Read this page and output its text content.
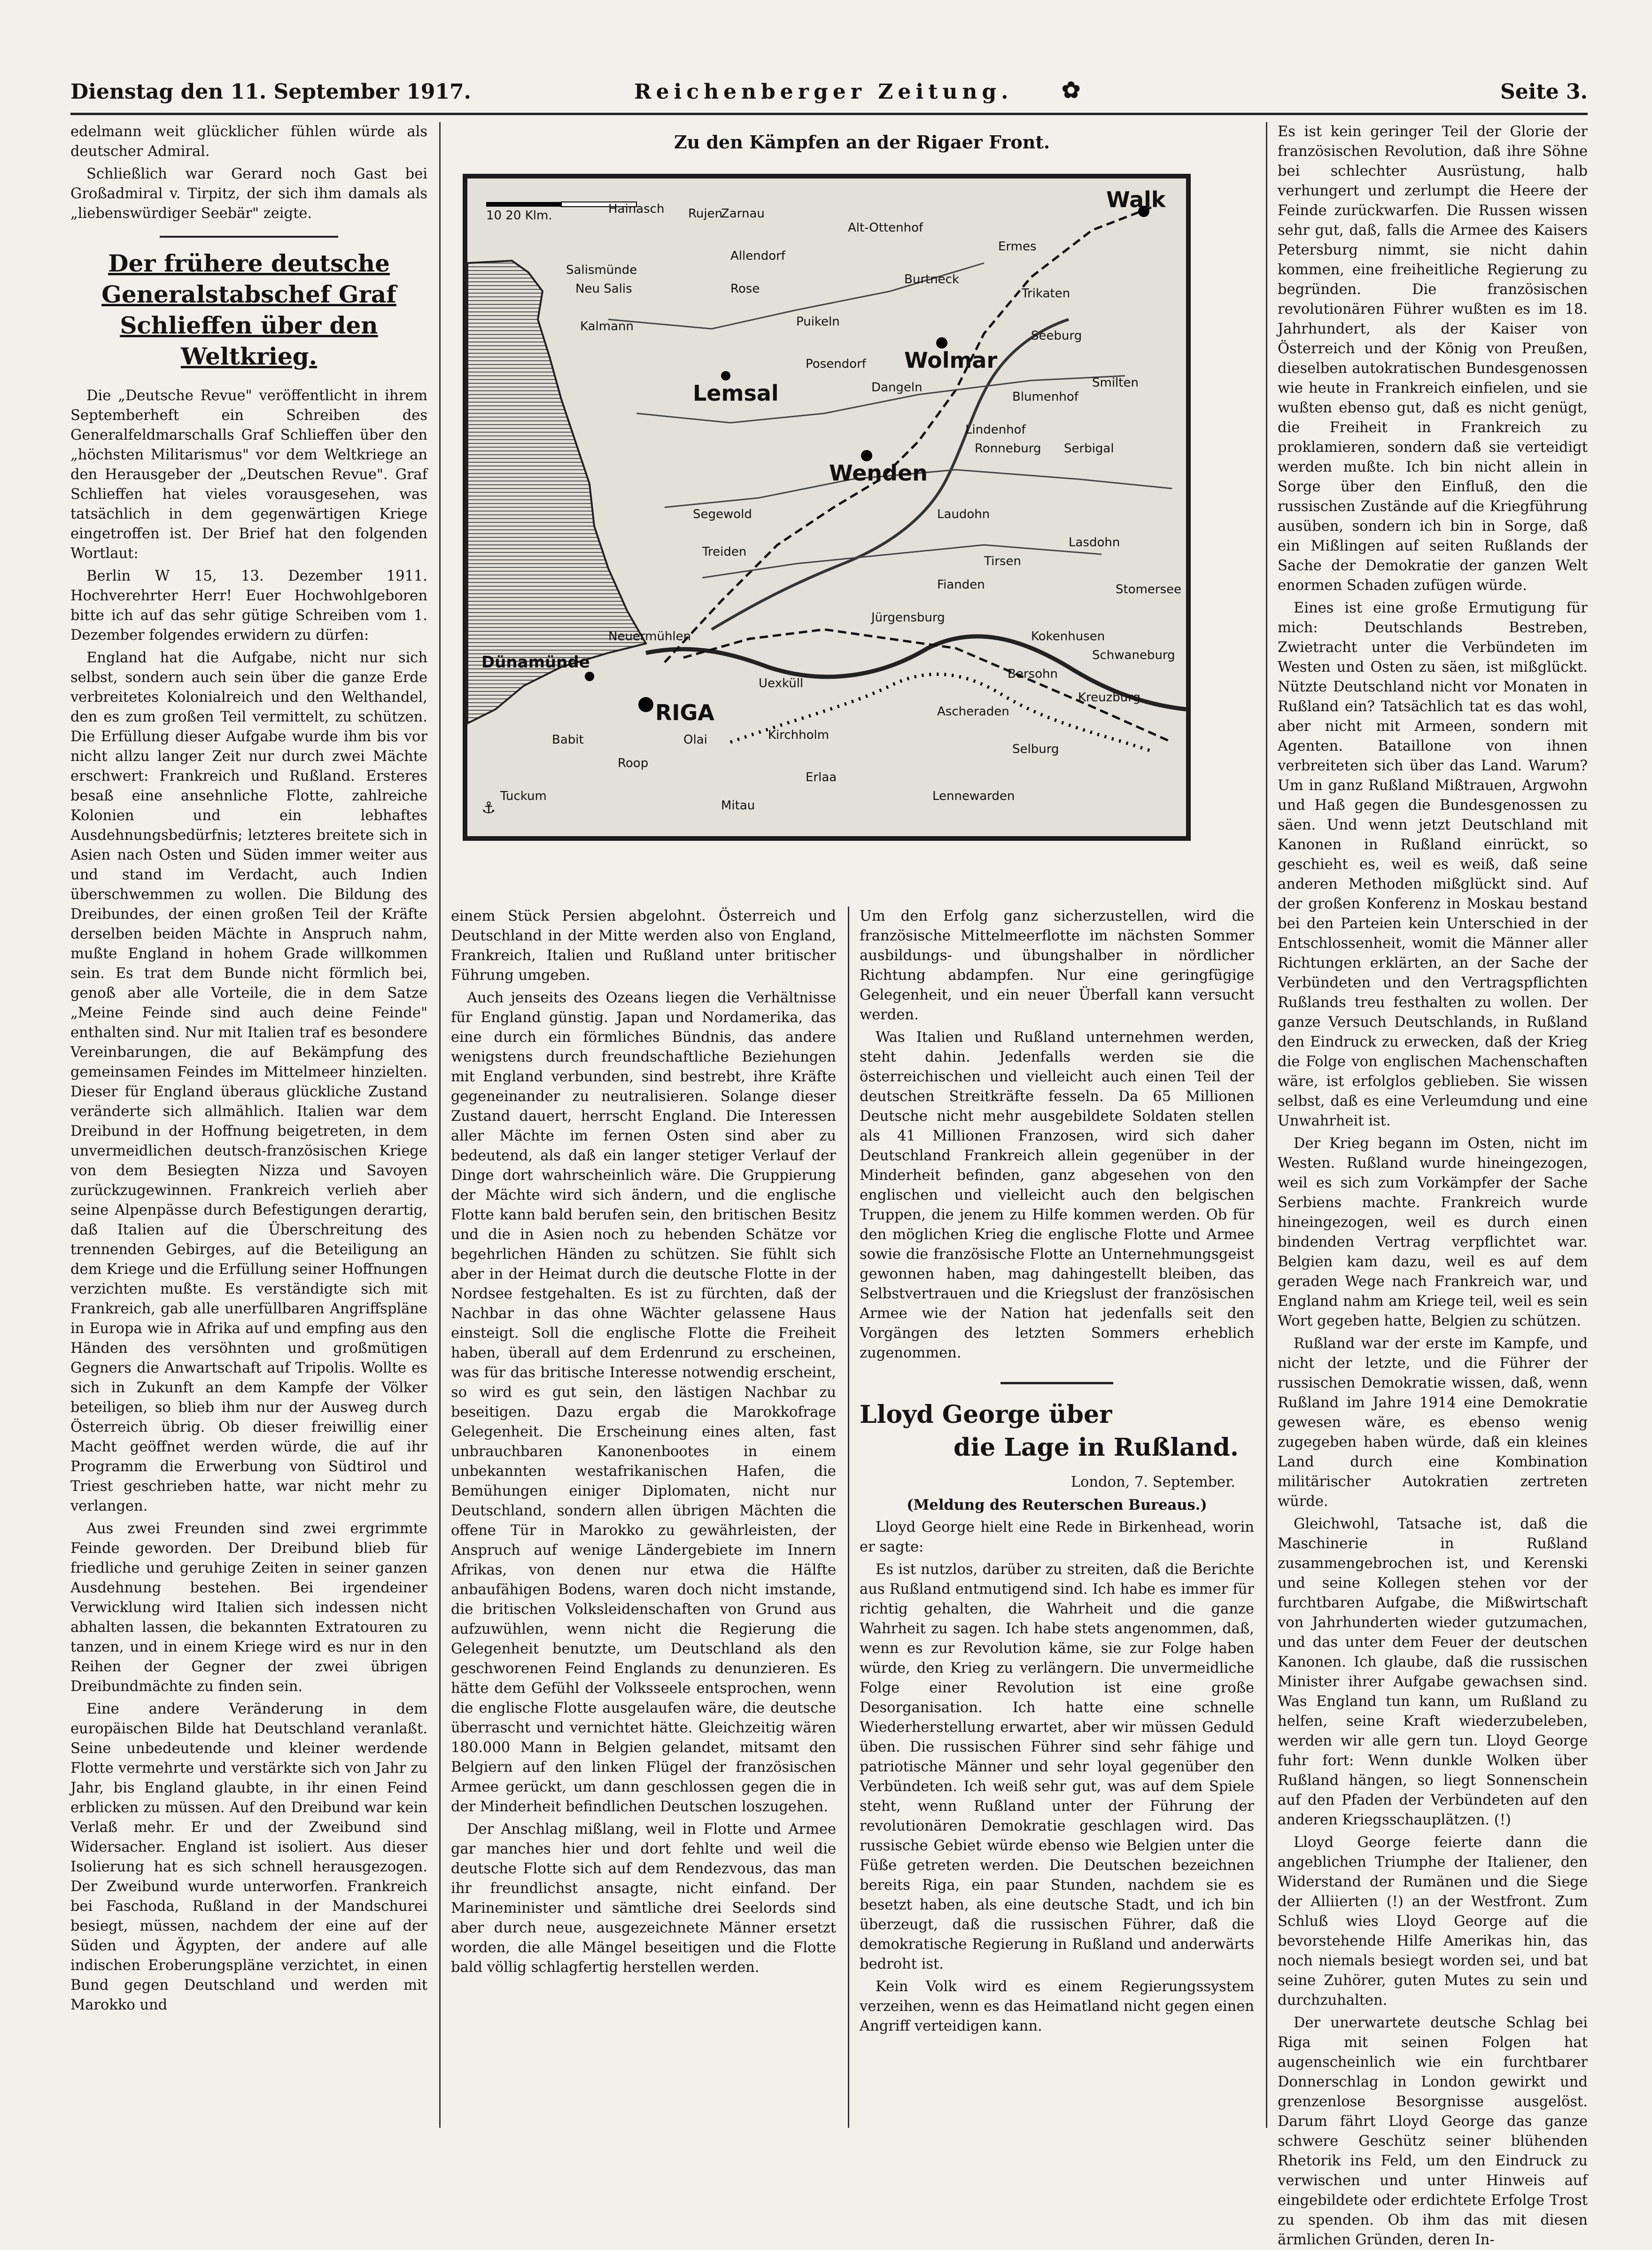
Dienstag den 11. September 1917.	Reichenberger Zeitung. ✿	Seite 3.

edelmann weit glücklicher fühlen würde als deutscher Admiral.

Schließlich war Gerard noch Gast bei Großadmiral v. Tirpitz, der sich ihm damals als „liebenswürdiger Seebär" zeigte.

Der frühere deutsche Generalstabschef Graf Schlieffen über den Weltkrieg.

Die „Deutsche Revue" veröffentlicht in ihrem Septemberheft ein Schreiben des Generalfeldmarschalls Graf Schlieffen über den „höchsten Militarismus" vor dem Weltkriege an den Herausgeber der „Deutschen Revue". Graf Schlieffen hat vieles vorausgesehen, was tatsächlich in dem gegenwärtigen Kriege eingetroffen ist. Der Brief hat den folgenden Wortlaut:

Berlin W 15, 13. Dezember 1911. Hochverehrter Herr! Euer Hochwohlgeboren bitte ich auf das sehr gütige Schreiben vom 1. Dezember folgendes erwidern zu dürfen:

England hat die Aufgabe, nicht nur sich selbst, sondern auch sein über die ganze Erde verbreitetes Kolonialreich und den Welthandel, den es zum großen Teil vermittelt, zu schützen. Die Erfüllung dieser Aufgabe wurde ihm bis vor nicht allzu langer Zeit nur durch zwei Mächte erschwert: Frankreich und Rußland. Ersteres besaß eine ansehnliche Flotte, zahlreiche Kolonien und ein lebhaftes Ausdehnungsbedürfnis; letzteres breitete sich in Asien nach Osten und Süden immer weiter aus und stand im Verdacht, auch Indien überschwemmen zu wollen. Die Bildung des Dreibundes, der einen großen Teil der Kräfte derselben beiden Mächte in Anspruch nahm, mußte England in hohem Grade willkommen sein. Es trat dem Bunde nicht förmlich bei, genoß aber alle Vorteile, die in dem Satze „Meine Feinde sind auch deine Feinde" enthalten sind. Nur mit Italien traf es besondere Vereinbarungen, die auf Bekämpfung des gemeinsamen Feindes im Mittelmeer hinzielten. Dieser für England überaus glückliche Zustand veränderte sich allmählich. Italien war dem Dreibund in der Hoffnung beigetreten, in dem unvermeidlichen deutsch-französischen Kriege von dem Besiegten Nizza und Savoyen zurückzugewinnen. Frankreich verlieh aber seine Alpenpässe durch Befestigungen derartig, daß Italien auf die Überschreitung des trennenden Gebirges, auf die Beteiligung an dem Kriege und die Erfüllung seiner Hoffnungen verzichten mußte. Es verständigte sich mit Frankreich, gab alle unerfüllbaren Angriffspläne in Europa wie in Afrika auf und empfing aus den Händen des versöhnten und großmütigen Gegners die Anwartschaft auf Tripolis. Wollte es sich in Zukunft an dem Kampfe der Völker beteiligen, so blieb ihm nur der Ausweg durch Österreich übrig. Ob dieser freiwillig einer Macht geöffnet werden würde, die auf ihr Programm die Erwerbung von Südtirol und Triest geschrieben hatte, war nicht mehr zu verlangen.

Aus zwei Freunden sind zwei ergrimmte Feinde geworden. Der Dreibund blieb für friedliche und geruhige Zeiten in seiner ganzen Ausdehnung bestehen. Bei irgendeiner Verwicklung wird Italien sich indessen nicht abhalten lassen, die bekannten Extratouren zu tanzen, und in einem Kriege wird es nur in den Reihen der Gegner der zwei übrigen Dreibundmächte zu finden sein.

Eine andere Veränderung in dem europäischen Bilde hat Deutschland veranlaßt. Seine unbedeutende und kleiner werdende Flotte vermehrte und verstärkte sich von Jahr zu Jahr, bis England glaubte, in ihr einen Feind erblicken zu müssen. Auf den Dreibund war kein Verlaß mehr. Er und der Zweibund sind Widersacher. England ist isoliert. Aus dieser Isolierung hat es sich schnell herausgezogen. Der Zweibund wurde unterworfen. Frankreich bei Faschoda, Rußland in der Mandschurei besiegt, müssen, nachdem der eine auf der Süden und Ägypten, der andere auf alle indischen Eroberungspläne verzichtet, in einen Bund gegen Deutschland und werden mit Marokko und

Zu den Kämpfen an der Rigaer Front.
10 20 Klm.
Walk
Wolmar
Lemsal
Wenden
Dünamünde
RIGA
Salismünde
Neu Salis
Kalmann
Hainasch	Zarnau
Allendorf
Alt-Ottenhof
Burtneck
Ermes
Seeburg
Rose
Puikeln
Posendorf
Dangeln	Smilten
Treiden
Segewold
Kokenhusen
Ronneburg
Jürgensburg
Lennewarden
Uexküll
Olai	Kirchholm
Babit
Neuermühlen
Lindenhof
Blumenhof
Roop
Trikaten
Serbigal
Bersohn
Erlaa
Laudohn
Lasdohn
Fianden
Tirsen
Stomersee
Schwaneburg
Ascheraden
Kreuzburg
Selburg
Mitau
Tuckum
Rujen
⚓

einem Stück Persien abgelohnt. Österreich und Deutschland in der Mitte werden also von England, Frankreich, Italien und Rußland unter britischer Führung umgeben.

Auch jenseits des Ozeans liegen die Verhältnisse für England günstig. Japan und Nordamerika, das eine durch ein förmliches Bündnis, das andere wenigstens durch freundschaftliche Beziehungen mit England verbunden, sind bestrebt, ihre Kräfte gegeneinander zu neutralisieren. Solange dieser Zustand dauert, herrscht England. Die Interessen aller Mächte im fernen Osten sind aber zu bedeutend, als daß ein langer stetiger Verlauf der Dinge dort wahrscheinlich wäre. Die Gruppierung der Mächte wird sich ändern, und die englische Flotte kann bald berufen sein, den britischen Besitz und die in Asien noch zu hebenden Schätze vor begehrlichen Händen zu schützen. Sie fühlt sich aber in der Heimat durch die deutsche Flotte in der Nordsee festgehalten. Es ist zu fürchten, daß der Nachbar in das ohne Wächter gelassene Haus einsteigt. Soll die englische Flotte die Freiheit haben, überall auf dem Erdenrund zu erscheinen, was für das britische Interesse notwendig erscheint, so wird es gut sein, den lästigen Nachbar zu beseitigen. Dazu ergab die Marokkofrage Gelegenheit. Die Erscheinung eines alten, fast unbrauchbaren Kanonenbootes in einem unbekannten westafrikanischen Hafen, die Bemühungen einiger Diplomaten, nicht nur Deutschland, sondern allen übrigen Mächten die offene Tür in Marokko zu gewährleisten, der Anspruch auf wenige Ländergebiete im Innern Afrikas, von denen nur etwa die Hälfte anbaufähigen Bodens, waren doch nicht imstande, die britischen Volksleidenschaften von Grund aus aufzuwühlen, wenn nicht die Regierung die Gelegenheit benutzte, um Deutschland als den geschworenen Feind Englands zu denunzieren. Es hätte dem Gefühl der Volksseele entsprochen, wenn die englische Flotte ausgelaufen wäre, die deutsche überrascht und vernichtet hätte. Gleichzeitig wären 180.000 Mann in Belgien gelandet, mitsamt den Belgiern auf den linken Flügel der französischen Armee gerückt, um dann geschlossen gegen die in der Minderheit befindlichen Deutschen loszugehen.

Der Anschlag mißlang, weil in Flotte und Armee gar manches hier und dort fehlte und weil die deutsche Flotte sich auf dem Rendezvous, das man ihr freundlichst ansagte, nicht einfand. Der Marineminister und sämtliche drei Seelords sind aber durch neue, ausgezeichnete Männer ersetzt worden, die alle Mängel beseitigen und die Flotte bald völlig schlagfertig herstellen werden.

Um den Erfolg ganz sicherzustellen, wird die französische Mittelmeerflotte im nächsten Sommer ausbildungs- und übungshalber in nördlicher Richtung abdampfen. Nur eine geringfügige Gelegenheit, und ein neuer Überfall kann versucht werden.

Was Italien und Rußland unternehmen werden, steht dahin. Jedenfalls werden sie die österreichischen und vielleicht auch einen Teil der deutschen Streitkräfte fesseln. Da 65 Millionen Deutsche nicht mehr ausgebildete Soldaten stellen als 41 Millionen Franzosen, wird sich daher Deutschland Frankreich allein gegenüber in der Minderheit befinden, ganz abgesehen von den englischen und vielleicht auch den belgischen Truppen, die jenem zu Hilfe kommen werden. Ob für den möglichen Krieg die englische Flotte und Armee sowie die französische Flotte an Unternehmungsgeist gewonnen haben, mag dahingestellt bleiben, das Selbstvertrauen und die Kriegslust der französischen Armee wie der Nation hat jedenfalls seit den Vorgängen des letzten Sommers erheblich zugenommen.

Lloyd George über
die Lage in Rußland.

London, 7. September.

(Meldung des Reuterschen Bureaus.)

Lloyd George hielt eine Rede in Birkenhead, worin er sagte:

Es ist nutzlos, darüber zu streiten, daß die Berichte aus Rußland entmutigend sind. Ich habe es immer für richtig gehalten, die Wahrheit und die ganze Wahrheit zu sagen. Ich habe stets angenommen, daß, wenn es zur Revolution käme, sie zur Folge haben würde, den Krieg zu verlängern. Die unvermeidliche Folge einer Revolution ist eine große Desorganisation. Ich hatte eine schnelle Wiederherstellung erwartet, aber wir müssen Geduld üben. Die russischen Führer sind sehr fähige und patriotische Männer und sehr loyal gegenüber den Verbündeten. Ich weiß sehr gut, was auf dem Spiele steht, wenn Rußland unter der Führung der revolutionären Demokratie geschlagen wird. Das russische Gebiet würde ebenso wie Belgien unter die Füße getreten werden. Die Deutschen bezeichnen bereits Riga, ein paar Stunden, nachdem sie es besetzt haben, als eine deutsche Stadt, und ich bin überzeugt, daß die russischen Führer, daß die demokratische Regierung in Rußland und anderwärts bedroht ist.

Kein Volk wird es einem Regierungssystem verzeihen, wenn es das Heimatland nicht gegen einen Angriff verteidigen kann.

Es ist kein geringer Teil der Glorie der französischen Revolution, daß ihre Söhne bei schlechter Ausrüstung, halb verhungert und zerlumpt die Heere der Feinde zurückwarfen. Die Russen wissen sehr gut, daß, falls die Armee des Kaisers Petersburg nimmt, sie nicht dahin kommen, eine freiheitliche Regierung zu begründen. Die französischen revolutionären Führer wußten es im 18. Jahrhundert, als der Kaiser von Österreich und der König von Preußen, dieselben autokratischen Bundesgenossen wie heute in Frankreich einfielen, und sie wußten ebenso gut, daß es nicht genügt, die Freiheit in Frankreich zu proklamieren, sondern daß sie verteidigt werden mußte. Ich bin nicht allein in Sorge über den Einfluß, den die russischen Zustände auf die Kriegführung ausüben, sondern ich bin in Sorge, daß ein Mißlingen auf seiten Rußlands der Sache der Demokratie der ganzen Welt enormen Schaden zufügen würde.

Eines ist eine große Ermutigung für mich: Deutschlands Bestreben, Zwietracht unter die Verbündeten im Westen und Osten zu säen, ist mißglückt. Nützte Deutschland nicht vor Monaten in Rußland ein? Tatsächlich tat es das wohl, aber nicht mit Armeen, sondern mit Agenten. Bataillone von ihnen verbreiteten sich über das Land. Warum? Um in ganz Rußland Mißtrauen, Argwohn und Haß gegen die Bundesgenossen zu säen. Und wenn jetzt Deutschland mit Kanonen in Rußland einrückt, so geschieht es, weil es weiß, daß seine anderen Methoden mißglückt sind. Auf der großen Konferenz in Moskau bestand bei den Parteien kein Unterschied in der Entschlossenheit, womit die Männer aller Richtungen erklärten, an der Sache der Verbündeten und den Vertragspflichten Rußlands treu festhalten zu wollen. Der ganze Versuch Deutschlands, in Rußland den Eindruck zu erwecken, daß der Krieg die Folge von englischen Machenschaften wäre, ist erfolglos geblieben. Sie wissen selbst, daß es eine Verleumdung und eine Unwahrheit ist.

Der Krieg begann im Osten, nicht im Westen. Rußland wurde hineingezogen, weil es sich zum Vorkämpfer der Sache Serbiens machte. Frankreich wurde hineingezogen, weil es durch einen bindenden Vertrag verpflichtet war. Belgien kam dazu, weil es auf dem geraden Wege nach Frankreich war, und England nahm am Kriege teil, weil es sein Wort gegeben hatte, Belgien zu schützen.

Rußland war der erste im Kampfe, und nicht der letzte, und die Führer der russischen Demokratie wissen, daß, wenn Rußland im Jahre 1914 eine Demokratie gewesen wäre, es ebenso wenig zugegeben haben würde, daß ein kleines Land durch eine Kombination militärischer Autokratien zertreten würde.

Gleichwohl, Tatsache ist, daß die Maschinerie in Rußland zusammengebrochen ist, und Kerenski und seine Kollegen stehen vor der furchtbaren Aufgabe, die Mißwirtschaft von Jahrhunderten wieder gutzumachen, und das unter dem Feuer der deutschen Kanonen. Ich glaube, daß die russischen Minister ihrer Aufgabe gewachsen sind. Was England tun kann, um Rußland zu helfen, seine Kraft wiederzubeleben, werden wir alle gern tun. Lloyd George fuhr fort: Wenn dunkle Wolken über Rußland hängen, so liegt Sonnenschein auf den Pfaden der Verbündeten auf den anderen Kriegsschauplätzen. (!)

Lloyd George feierte dann die angeblichen Triumphe der Italiener, den Widerstand der Rumänen und die Siege der Alliierten (!) an der Westfront. Zum Schluß wies Lloyd George auf die bevorstehende Hilfe Amerikas hin, das noch niemals besiegt worden sei, und bat seine Zuhörer, guten Mutes zu sein und durchzuhalten.

Der unerwartete deutsche Schlag bei Riga mit seinen Folgen hat augenscheinlich wie ein furchtbarer Donnerschlag in London gewirkt und grenzenlose Besorgnisse ausgelöst. Darum fährt Lloyd George das ganze schwere Geschütz seiner blühenden Rhetorik ins Feld, um den Eindruck zu verwischen und unter Hinweis auf eingebildete oder erdichtete Erfolge Trost zu spenden. Ob ihm das mit diesen ärmlichen Gründen, deren In-
